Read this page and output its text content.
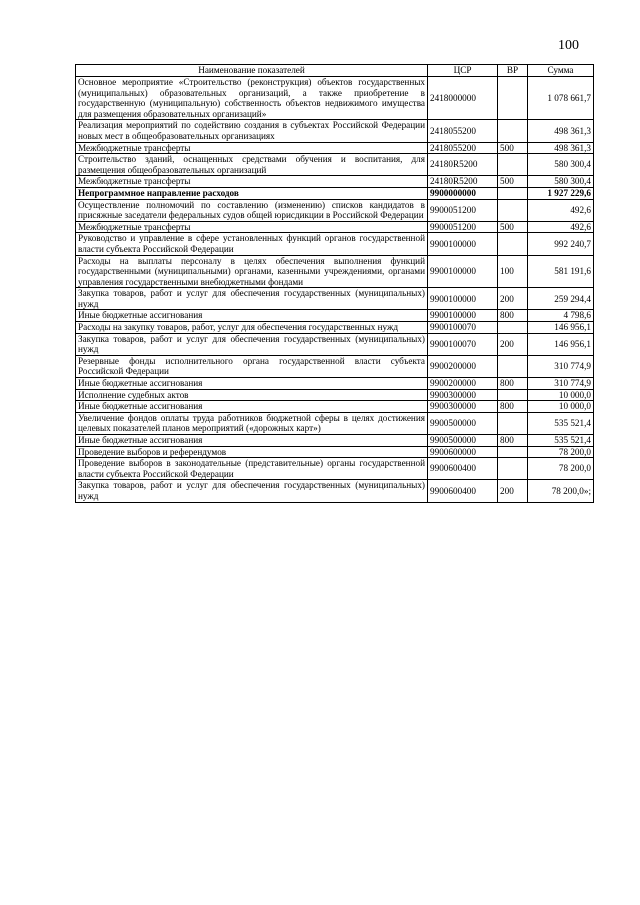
100
Наименование показателей	ЦСР	ВР	Сумма
Основное мероприятие «Строительство (реконструкция) объектов государственных (муниципальных) образовательных организаций, а также приобретение в государственную (муниципальную) собственность объектов недвижимого имущества для размещения образовательных организаций»	2418000000		1 078 661,7
Реализация мероприятий по содействию создания в субъектах Российской Федерации новых мест в общеобразовательных организациях	2418055200		498 361,3
Межбюджетные трансферты	2418055200	500	498 361,3
Строительство зданий, оснащенных средствами обучения и воспитания, для размещения общеобразовательных организаций	24180R5200		580 300,4
Межбюджетные трансферты	24180R5200	500	580 300,4
Непрограммное направление расходов	9900000000		1 927 229,6
Осуществление полномочий по составлению (изменению) списков кандидатов в присяжные заседатели федеральных судов общей юрисдикции в Российской Федерации	9900051200		492,6
Межбюджетные трансферты	9900051200	500	492,6
Руководство и управление в сфере установленных функций органов государственной власти субъекта Российской Федерации	9900100000		992 240,7
Расходы на выплаты персоналу в целях обеспечения выполнения функций государственными (муниципальными) органами, казенными учреждениями, органами управления государственными внебюджетными фондами	9900100000	100	581 191,6
Закупка товаров, работ и услуг для обеспечения государственных (муниципальных) нужд	9900100000	200	259 294,4
Иные бюджетные ассигнования	9900100000	800	4 798,6
Расходы на закупку товаров, работ, услуг для обеспечения государственных нужд	9900100070		146 956,1
Закупка товаров, работ и услуг для обеспечения государственных (муниципальных) нужд	9900100070	200	146 956,1
Резервные фонды исполнительного органа государственной власти субъекта Российской Федерации	9900200000		310 774,9
Иные бюджетные ассигнования	9900200000	800	310 774,9
Исполнение судебных актов	9900300000		10 000,0
Иные бюджетные ассигнования	9900300000	800	10 000,0
Увеличение фондов оплаты труда работников бюджетной сферы в целях достижения целевых показателей планов мероприятий («дорожных карт»)	9900500000		535 521,4
Иные бюджетные ассигнования	9900500000	800	535 521,4
Проведение выборов и референдумов	9900600000		78 200,0
Проведение выборов в законодательные (представительные) органы государственной власти субъекта Российской Федерации	9900600400		78 200,0
Закупка товаров, работ и услуг для обеспечения государственных (муниципальных) нужд	9900600400	200	78 200,0»;
